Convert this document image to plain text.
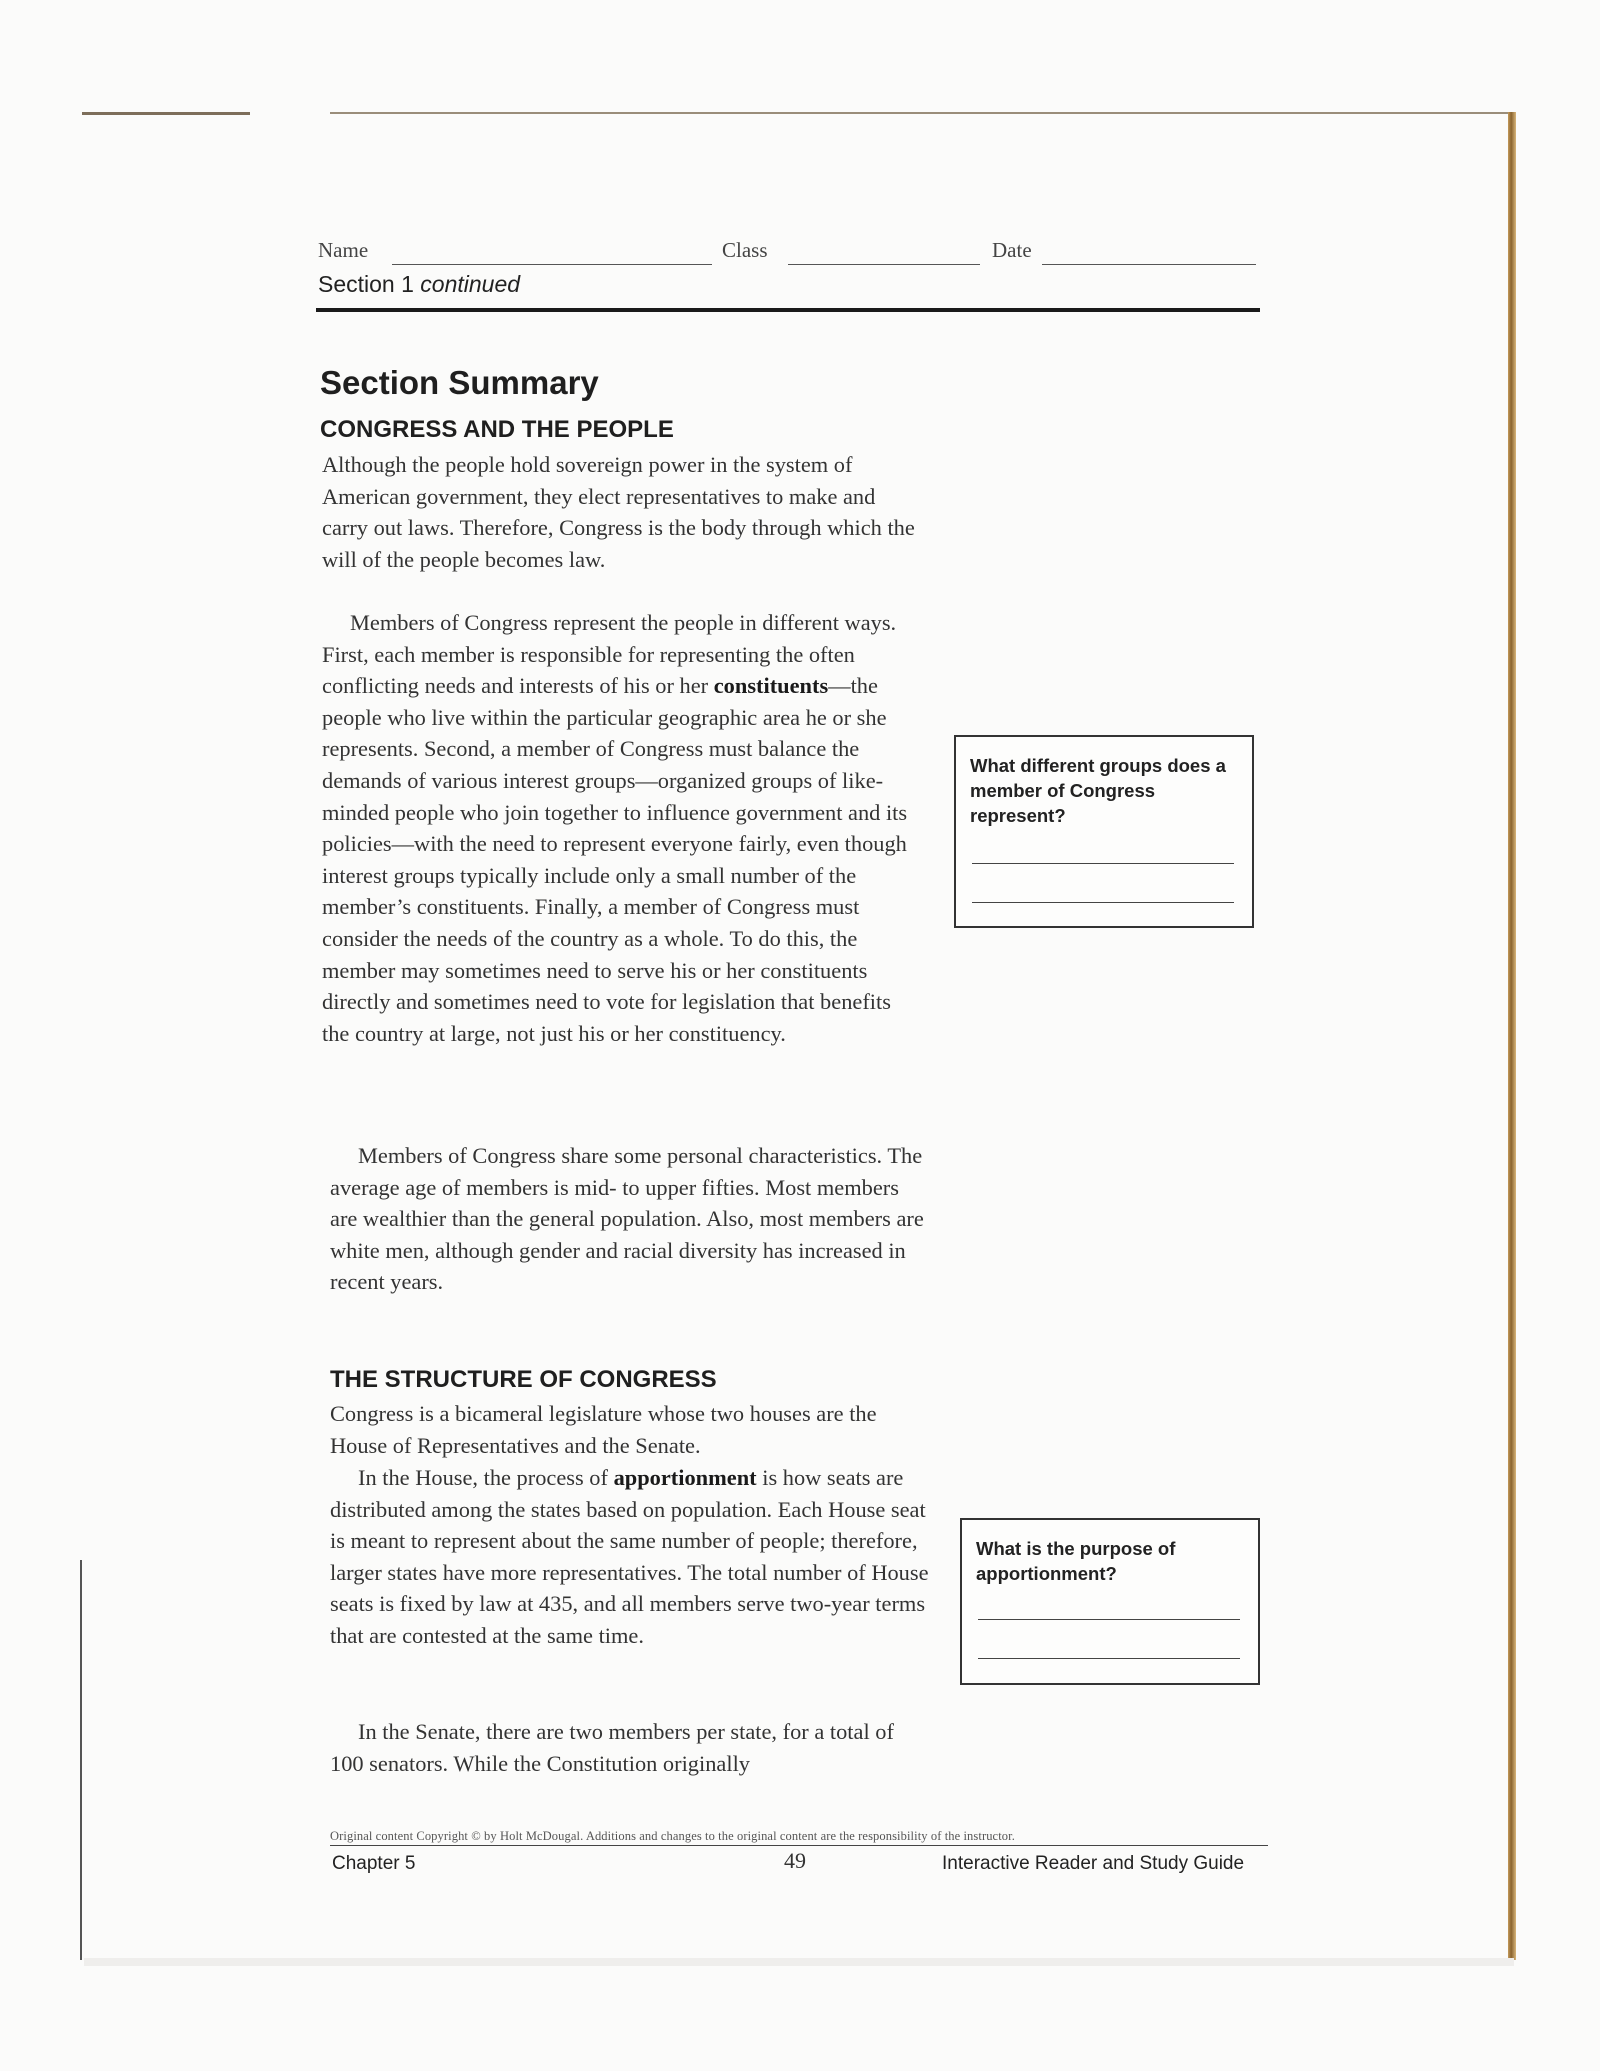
Name	Class	Date
Section 1 continued
Section Summary
CONGRESS AND THE PEOPLE

Although the people hold sovereign power in the system of American government, they elect representatives to make and carry out laws. Therefore, Congress is the body through which the will of the people becomes law.

Members of Congress represent the people in different ways. First, each member is responsible for representing the often conflicting needs and interests of his or her constituents—the people who live within the particular geographic area he or she represents. Second, a member of Congress must balance the demands of various interest groups—organized groups of like-minded people who join together to influence government and its policies—with the need to represent everyone fairly, even though interest groups typically include only a small number of the member’s constituents. Finally, a member of Congress must consider the needs of the country as a whole. To do this, the member may sometimes need to serve his or her constituents directly and sometimes need to vote for legislation that benefits the country at large, not just his or her constituency.

Members of Congress share some personal characteristics. The average age of members is mid- to upper fifties. Most members are wealthier than the general population. Also, most members are white men, although gender and racial diversity has increased in recent years.

THE STRUCTURE OF CONGRESS

Congress is a bicameral legislature whose two houses are the House of Representatives and the Senate.

In the House, the process of apportionment is how seats are distributed among the states based on population. Each House seat is meant to represent about the same number of people; therefore, larger states have more representatives. The total number of House seats is fixed by law at 435, and all members serve two-year terms that are contested at the same time.

In the Senate, there are two members per state, for a total of 100 senators. While the Constitution originally

What different groups does a member of Congress represent?
What is the purpose of apportionment?
Original content Copyright © by Holt McDougal. Additions and changes to the original content are the responsibility of the instructor.
Chapter 5	49	Interactive Reader and Study Guide
